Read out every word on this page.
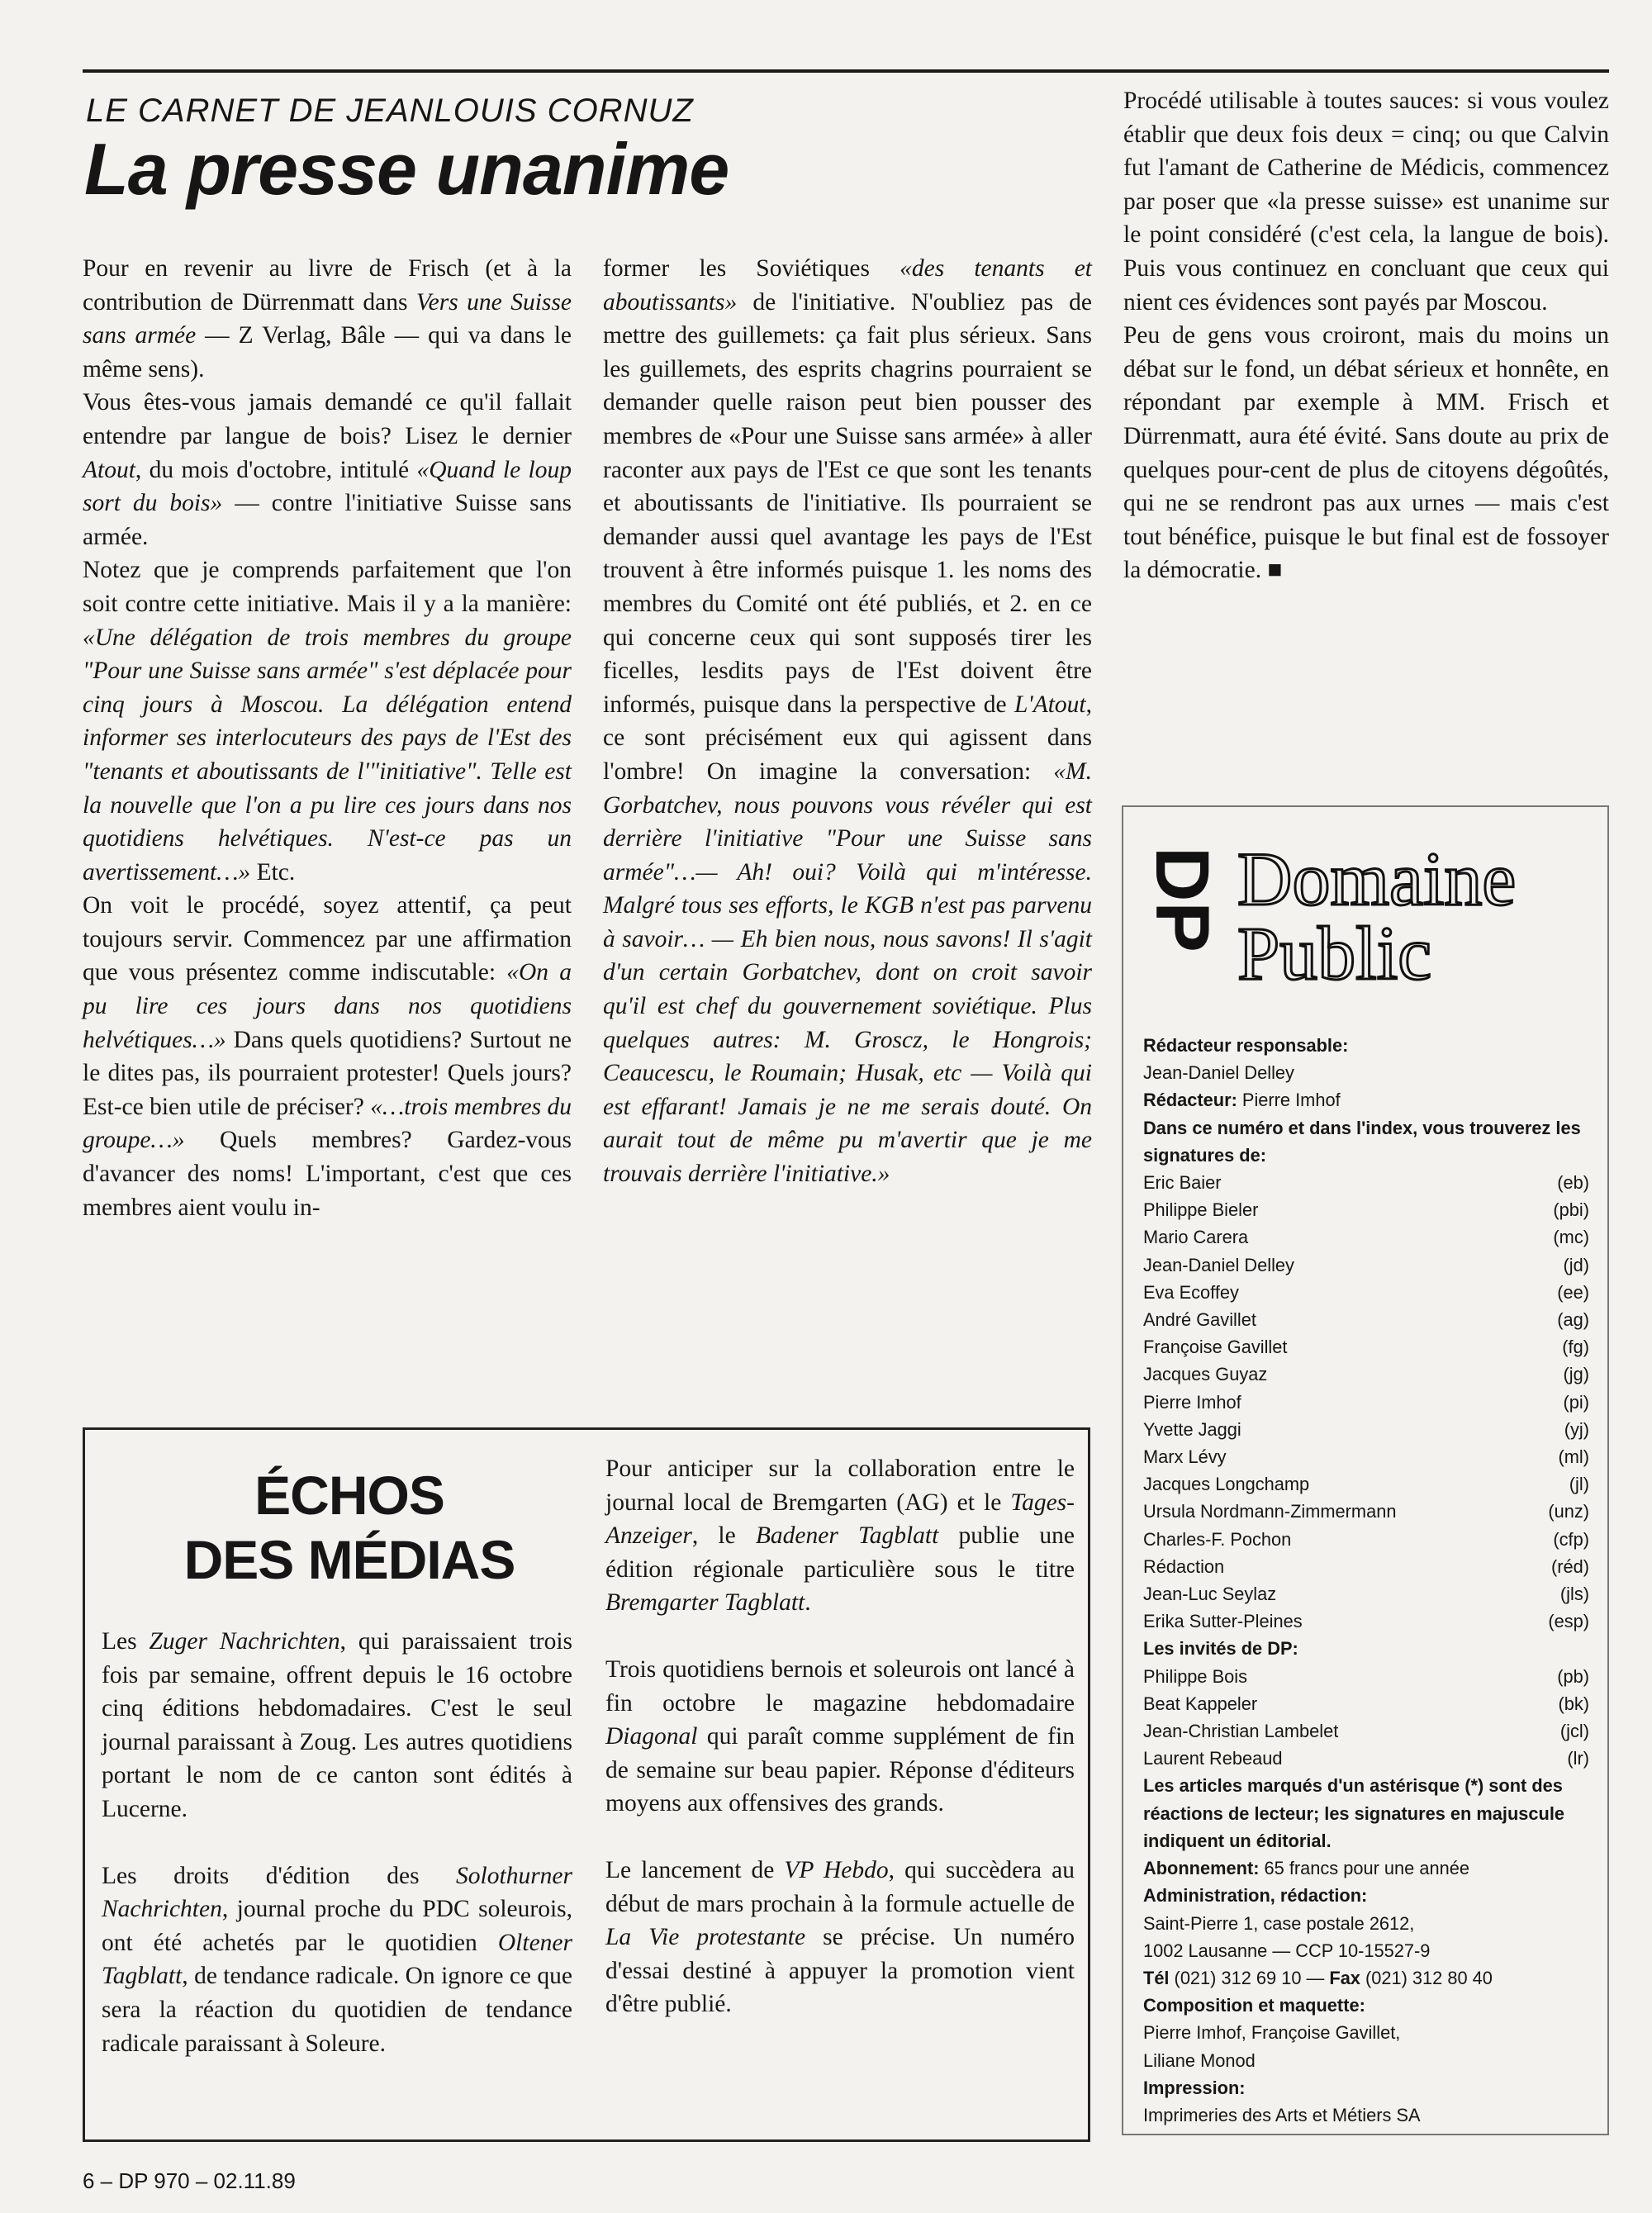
LE CARNET DE JEANLOUIS CORNUZ
La presse unanime

Pour en revenir au livre de Frisch (et à la contribution de Dürrenmatt dans Vers une Suisse sans armée — Z Verlag, Bâle — qui va dans le même sens).

Vous êtes-vous jamais demandé ce qu'il fallait entendre par langue de bois? Lisez le dernier Atout, du mois d'octobre, intitulé «Quand le loup sort du bois» — contre l'initiative Suisse sans armée.

Notez que je comprends parfaitement que l'on soit contre cette initiative. Mais il y a la manière: «Une délégation de trois membres du groupe "Pour une Suisse sans armée" s'est déplacée pour cinq jours à Moscou. La délégation entend informer ses interlocuteurs des pays de l'Est des "tenants et aboutissants de l'"initiative". Telle est la nouvelle que l'on a pu lire ces jours dans nos quotidiens helvétiques. N'est-ce pas un avertissement…» Etc.

On voit le procédé, soyez attentif, ça peut toujours servir. Commencez par une affirmation que vous présentez comme indiscutable: «On a pu lire ces jours dans nos quotidiens helvétiques…» Dans quels quotidiens? Surtout ne le dites pas, ils pourraient protester! Quels jours? Est-ce bien utile de préciser? «…trois membres du groupe…» Quels membres? Gardez-vous d'avancer des noms! L'important, c'est que ces membres aient voulu in-

former les Soviétiques «des tenants et aboutissants» de l'initiative. N'oubliez pas de mettre des guillemets: ça fait plus sérieux. Sans les guillemets, des esprits chagrins pourraient se demander quelle raison peut bien pousser des membres de «Pour une Suisse sans armée» à aller raconter aux pays de l'Est ce que sont les tenants et aboutissants de l'initiative. Ils pourraient se demander aussi quel avantage les pays de l'Est trouvent à être informés puisque 1. les noms des membres du Comité ont été publiés, et 2. en ce qui concerne ceux qui sont supposés tirer les ficelles, lesdits pays de l'Est doivent être informés, puisque dans la perspective de L'Atout, ce sont précisément eux qui agissent dans l'ombre! On imagine la conversation: «M. Gorbatchev, nous pouvons vous révéler qui est derrière l'initiative "Pour une Suisse sans armée"…— Ah! oui? Voilà qui m'intéresse. Malgré tous ses efforts, le KGB n'est pas parvenu à savoir… — Eh bien nous, nous savons! Il s'agit d'un certain Gorbatchev, dont on croit savoir qu'il est chef du gouvernement soviétique. Plus quelques autres: M. Groscz, le Hongrois; Ceaucescu, le Roumain; Husak, etc — Voilà qui est effarant! Jamais je ne me serais douté. On aurait tout de même pu m'avertir que je me trouvais derrière l'initiative.»

Procédé utilisable à toutes sauces: si vous voulez établir que deux fois deux = cinq; ou que Calvin fut l'amant de Catherine de Médicis, commencez par poser que «la presse suisse» est unanime sur le point considéré (c'est cela, la langue de bois). Puis vous continuez en concluant que ceux qui nient ces évidences sont payés par Moscou.

Peu de gens vous croiront, mais du moins un débat sur le fond, un débat sérieux et honnête, en répondant par exemple à MM. Frisch et Dürrenmatt, aura été évité. Sans doute au prix de quelques pour-cent de plus de citoyens dégoûtés, qui ne se rendront pas aux urnes — mais c'est tout bénéfice, puisque le but final est de fossoyer la démocratie. ■

DP Domaine
Public
Rédacteur responsable:
Jean-Daniel Delley
Rédacteur: Pierre Imhof
Dans ce numéro et dans l'index, vous trouverez les signatures de:
Eric Baier	(eb)
Philippe Bieler	(pbi)
Mario Carera	(mc)
Jean-Daniel Delley	(jd)
Eva Ecoffey	(ee)
André Gavillet	(ag)
Françoise Gavillet	(fg)
Jacques Guyaz	(jg)
Pierre Imhof	(pi)
Yvette Jaggi	(yj)
Marx Lévy	(ml)
Jacques Longchamp	(jl)
Ursula Nordmann-Zimmermann	(unz)
Charles-F. Pochon	(cfp)
Rédaction	(réd)
Jean-Luc Seylaz	(jls)
Erika Sutter-Pleines	(esp)
Les invités de DP:
Philippe Bois	(pb)
Beat Kappeler	(bk)
Jean-Christian Lambelet	(jcl)
Laurent Rebeaud	(lr)
Les articles marqués d'un astérisque (*) sont des réactions de lecteur; les signatures en majuscule indiquent un éditorial.
Abonnement: 65 francs pour une année
Administration, rédaction:
Saint-Pierre 1, case postale 2612,
1002 Lausanne — CCP 10-15527-9
Tél (021) 312 69 10 — Fax (021) 312 80 40
Composition et maquette:
Pierre Imhof, Françoise Gavillet,
Liliane Monod
Impression:
Imprimeries des Arts et Métiers SA
ÉCHOS
DES MÉDIAS

Les Zuger Nachrichten, qui paraissaient trois fois par semaine, offrent depuis le 16 octobre cinq éditions hebdomadaires. C'est le seul journal paraissant à Zoug. Les autres quotidiens portant le nom de ce canton sont édités à Lucerne.

Les droits d'édition des Solothurner Nachrichten, journal proche du PDC soleurois, ont été achetés par le quotidien Oltener Tagblatt, de tendance radicale. On ignore ce que sera la réaction du quotidien de tendance radicale paraissant à Soleure.

Pour anticiper sur la collaboration entre le journal local de Bremgarten (AG) et le Tages-Anzeiger, le Badener Tagblatt publie une édition régionale particulière sous le titre Bremgarter Tagblatt.

Trois quotidiens bernois et soleurois ont lancé à fin octobre le magazine hebdomadaire Diagonal qui paraît comme supplément de fin de semaine sur beau papier. Réponse d'éditeurs moyens aux offensives des grands.

Le lancement de VP Hebdo, qui succèdera au début de mars prochain à la formule actuelle de La Vie protestante se précise. Un numéro d'essai destiné à appuyer la promotion vient d'être publié.

6 – DP 970 – 02.11.89
